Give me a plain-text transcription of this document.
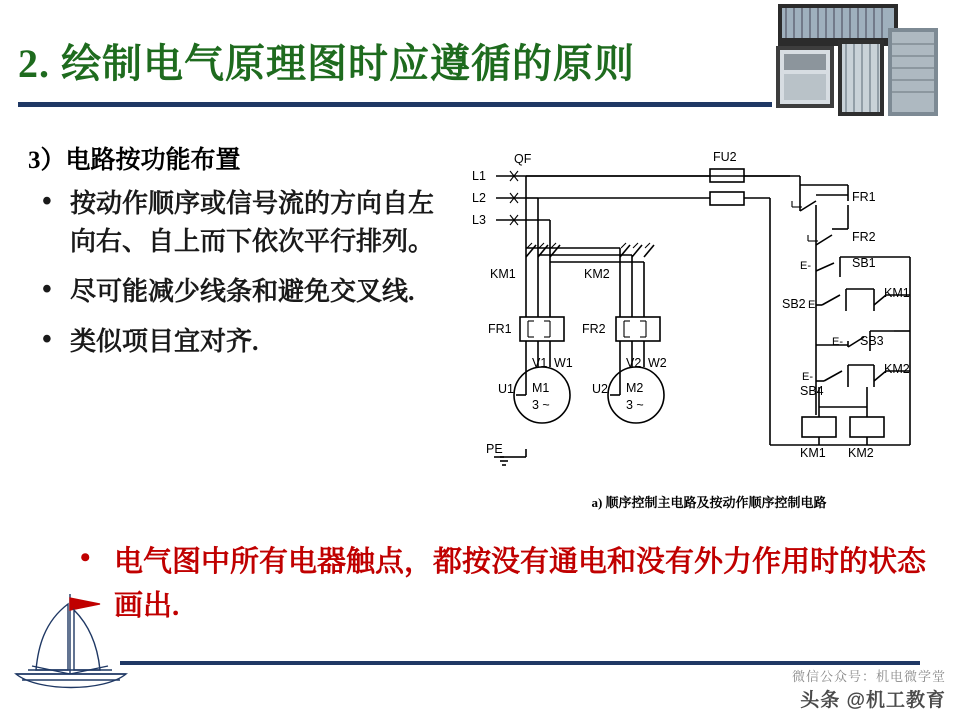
2. 绘制电气原理图时应遵循的原则
3）电路按功能布置
• 按动作顺序或信号流的方向自左向右、自上而下依次平行排列。
• 尽可能减少线条和避免交叉线.
• 类似项目宜对齐.
L1
L2
L3
QF	FU2
KM1	KM2
FR1	FR2
V1 W1
U1 M1
3 ~
V2 W2
U2 M2
3 ~
PE
FR1
FR2
SB1
E-
SB2 E-
KM1
SB3
E-
SB4
E-
KM2
KM1 KM2
a) 顺序控制主电路及按动作顺序控制电路
• 电气图中所有电器触点，都按没有通电和没有外力作用时的状态画出.
微信公众号：机电微学堂
头条 @机工教育
